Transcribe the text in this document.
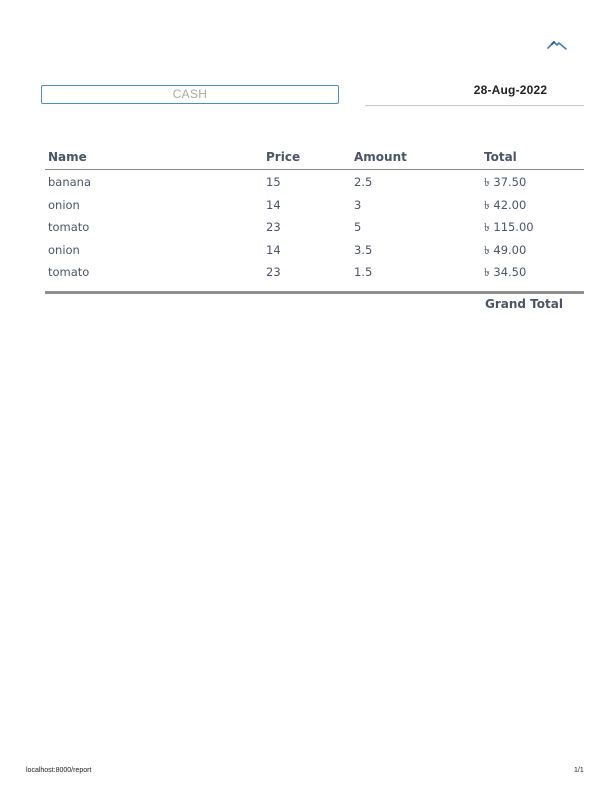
CASH	28-Aug-2022
Name	Price	Amount	Total
banana	15	2.5	৳ 37.50
onion	14	3	৳ 42.00
tomato	23	5	৳ 115.00
onion	14	3.5	৳ 49.00
tomato	23	1.5	৳ 34.50
Grand Total
localhost:8000/report	1/1
